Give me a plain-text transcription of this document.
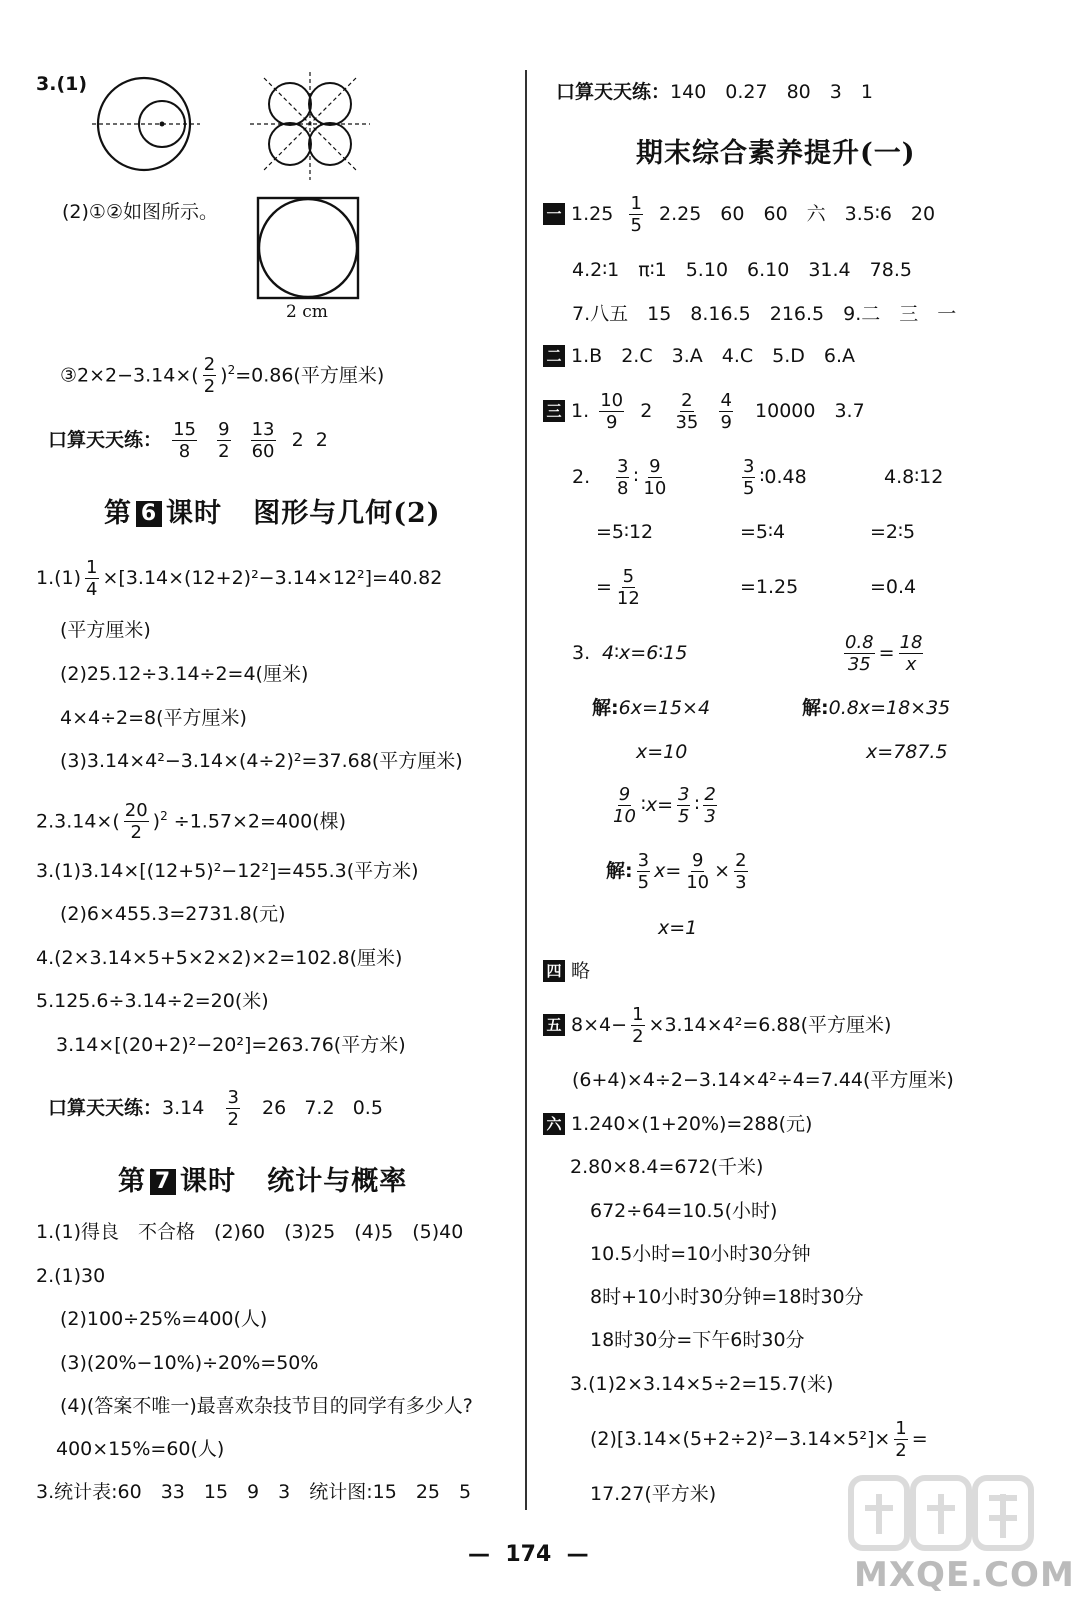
3.(1)
(2)①②如图所示。
2 cm
③2×2−3.14×( $\frac{2}{2} )^2=0.86$(平方厘米)
口算天天练： $\frac{15}{8}$
$\frac{9}{2}$
$\frac{13}{60} 2$ 2
第 6 课时 图形与几何(2)
$1.(1) \frac{1}{4} \times[3.14\times(12+2)^2-3.14\times 12^2]=40.82$
(平方厘米)
(2)25.12÷3.14÷2=4(厘米)
4×4÷2=8(平方厘米)
(3)3.14×4²−3.14×(4÷2)²=37.68(平方厘米)
$2.3.14\times( \frac{20}{2} )^2 \div 1.57\times 2=400$(棵)
3.(1)3.14×[(12+5)²−12²]=455.3(平方米)
(2)6×455.3=2731.8(元)
4.(2×3.14×5+5×2×2)×2=102.8(厘米)
5.125.6÷3.14÷2=20(米)
3.14×[(20+2)²−20²]=263.76(平方米)
口算天天练：$3.14 \frac{3}{2} 26$ 7.2 0.5
第 7 课时 统计与概率
1.(1)得良　不合格　(2)60　(3)25　(4)5　(5)40
2.(1)30
(2)100÷25%=400(人)
(3)(20%−10%)÷20%=50%
(4)(答案不唯一)最喜欢杂技节目的同学有多少人?
400×15%=60(人)
3.统计表:60　33　15　9　3　统计图:15　25　5
口算天天练：140　0.27　80　3　1
期末综合素养提升(一)
一 $1.25 \frac{1}{5} 2.25$　60　60　六　3.5∶6　20
4.2∶1　π∶1　5.10　6.10　31.4　78.5
7.八五　15　8.16.5　216.5　9.二　三　一
二 1.B　2.C　3.A　4.C　5.D　6.A
三 1. $\frac{10}{9} 2 \frac{2}{35}$
$\frac{4}{9} 10000$　3.7
2. $\frac{3}{8}$ ∶ $\frac{9}{10}$	$\frac{3}{5}$ ∶0.48	4.8∶12
=5∶12	=5∶4	=2∶5
= $\frac{5}{12}$	=1.25	=0.4
3. 4∶x=6∶15	$\frac{0.8}{35} = \frac{18}{x}$
解:6x=15×4	解:0.8x=18×35
x=10	x=787.5
$\frac{9}{10}$ ∶x= $\frac{3}{5}$ ∶ $\frac{2}{3}$
解: $\frac{3}{5} x= \frac{9}{10} \times \frac{2}{3}$
x=1
四 略
五 $8\times 4- \frac{1}{2} \times 3.14\times 4^2=6.88$(平方厘米)
(6+4)×4÷2−3.14×4²÷4=7.44(平方厘米)
六 1.240×(1+20%)=288(元)
2.80×8.4=672(千米)
672÷64=10.5(小时)
10.5小时=10小时30分钟
8时+10小时30分钟=18时30分
18时30分=下午6时30分
3.(1)2×3.14×5÷2=15.7(米)
$(2)[3.14\times(5+2\div 2)^2-3.14\times 5^2]\times \frac{1}{2}$ =
17.27(平方米)
—  174  —
MXQE.COM
